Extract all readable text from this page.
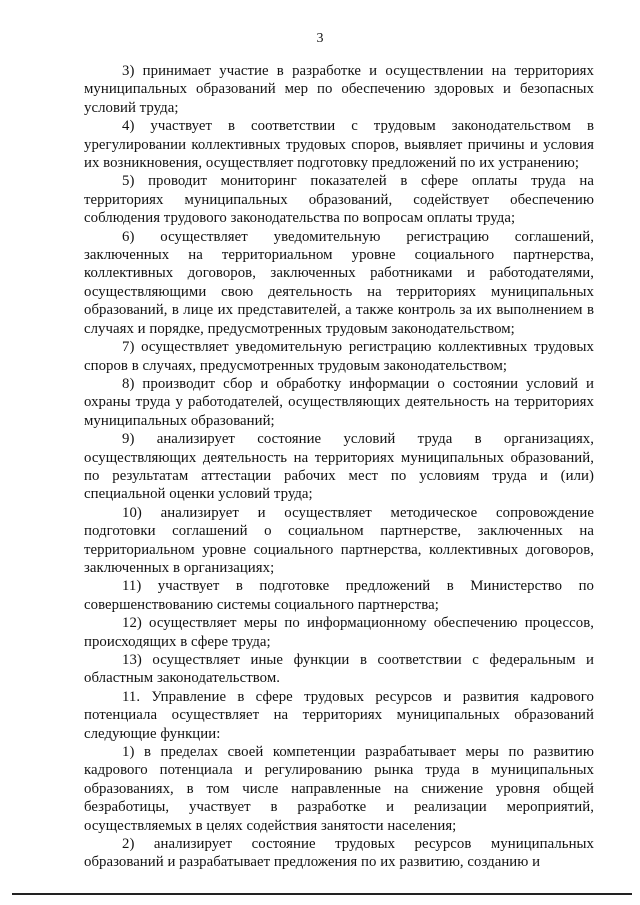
3

3) принимает участие в разработке и осуществлении на территориях муниципальных образований мер по обеспечению здоровых и безопасных условий труда;

4) участвует в соответствии с трудовым законодательством в урегулировании коллективных трудовых споров, выявляет причины и условия их возникновения, осуществляет подготовку предложений по их устранению;

5) проводит мониторинг показателей в сфере оплаты труда на территориях муниципальных образований, содействует обеспечению соблюдения трудового законодательства по вопросам оплаты труда;

6) осуществляет уведомительную регистрацию соглашений, заключенных на территориальном уровне социального партнерства, коллективных договоров, заключенных работниками и работодателями, осуществляющими свою деятельность на территориях муниципальных образований, в лице их представителей, а также контроль за их выполнением в случаях и порядке, предусмотренных трудовым законодательством;

7) осуществляет уведомительную регистрацию коллективных трудовых споров в случаях, предусмотренных трудовым законодательством;

8) производит сбор и обработку информации о состоянии условий и охраны труда у работодателей, осуществляющих деятельность на территориях муниципальных образований;

9) анализирует состояние условий труда в организациях, осуществляющих деятельность на территориях муниципальных образований, по результатам аттестации рабочих мест по условиям труда и (или) специальной оценки условий труда;

10) анализирует и осуществляет методическое сопровождение подготовки соглашений о социальном партнерстве, заключенных на территориальном уровне социального партнерства, коллективных договоров, заключенных в организациях;

11) участвует в подготовке предложений в Министерство по совершенствованию системы социального партнерства;

12) осуществляет меры по информационному обеспечению процессов, происходящих в сфере труда;

13) осуществляет иные функции в соответствии с федеральным и областным законодательством.

11. Управление в сфере трудовых ресурсов и развития кадрового потенциала осуществляет на территориях муниципальных образований следующие функции:

1) в пределах своей компетенции разрабатывает меры по развитию кадрового потенциала и регулированию рынка труда в муниципальных образованиях, в том числе направленные на снижение уровня общей безработицы, участвует в разработке и реализации мероприятий, осуществляемых в целях содействия занятости населения;

2) анализирует состояние трудовых ресурсов муниципальных образований и разрабатывает предложения по их развитию, созданию и
